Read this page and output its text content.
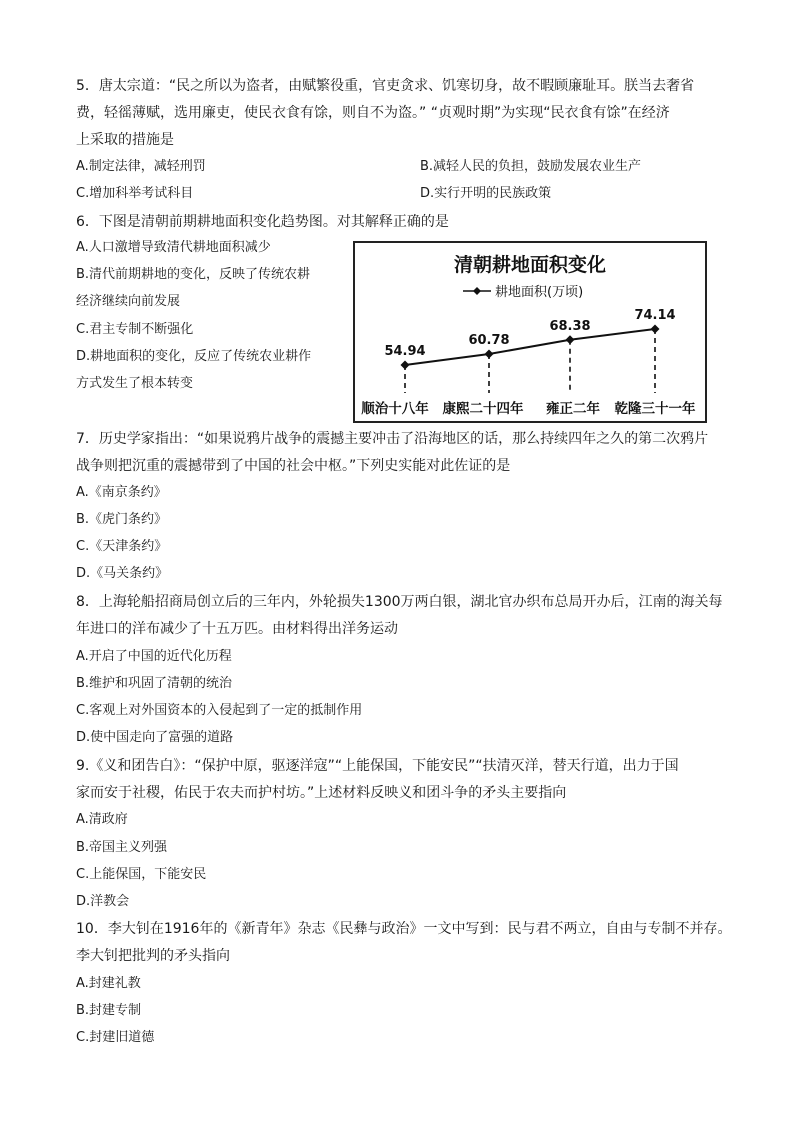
5．唐太宗道：“民之所以为盗者，由赋繁役重，官吏贪求、饥寒切身，故不暇顾廉耻耳。朕当去奢省
费，轻徭薄赋，选用廉吏，使民衣食有馀，则自不为盗。” “贞观时期”为实现“民衣食有馀”在经济
上采取的措施是
A.制定法律，减轻刑罚	B.减轻人民的负担，鼓励发展农业生产
C.增加科举考试科目	D.实行开明的民族政策
6．下图是清朝前期耕地面积变化趋势图。对其解释正确的是
A.人口激增导致清代耕地面积减少
B.清代前期耕地的变化，反映了传统农耕
经济继续向前发展
C.君主专制不断强化
D.耕地面积的变化，反应了传统农业耕作
方式发生了根本转变
清朝耕地面积变化
耕地面积(万顷)
54.94
60.78
68.38
74.14
顺治十八年 康熙二十四年 雍正二年 乾隆三十一年
7．历史学家指出：“如果说鸦片战争的震撼主要冲击了沿海地区的话，那么持续四年之久的第二次鸦片
战争则把沉重的震撼带到了中国的社会中枢。”下列史实能对此佐证的是
A.《南京条约》
B.《虎门条约》
C.《天津条约》
D.《马关条约》
8．上海轮船招商局创立后的三年内，外轮损失1300万两白银，湖北官办织布总局开办后，江南的海关每
年进口的洋布减少了十五万匹。由材料得出洋务运动
A.开启了中国的近代化历程
B.维护和巩固了清朝的统治
C.客观上对外国资本的入侵起到了一定的抵制作用
D.使中国走向了富强的道路
9.《义和团告白》：“保护中原，驱逐洋寇”“上能保国，下能安民”“扶清灭洋，替天行道，出力于国
家而安于社稷，佑民于农夫而护村坊。”上述材料反映义和团斗争的矛头主要指向
A.清政府
B.帝国主义列强
C.上能保国，下能安民
D.洋教会
10．李大钊在1916年的《新青年》杂志《民彝与政治》一文中写到：民与君不两立，自由与专制不并存。
李大钊把批判的矛头指向
A.封建礼教
B.封建专制
C.封建旧道德
